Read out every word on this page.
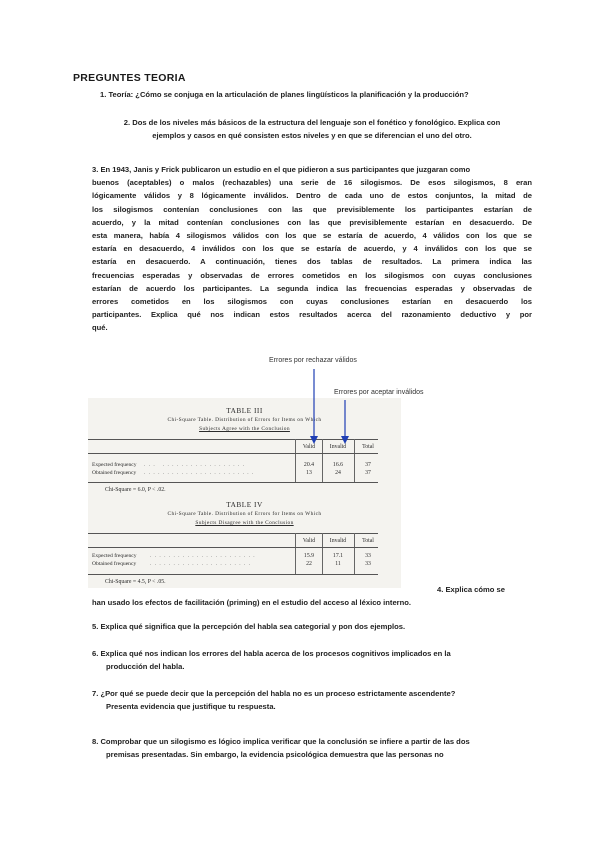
PREGUNTES TEORIA
1. Teoría: ¿Cómo se conjuga en la articulación de planes lingüísticos la planificación y la producción?
2. Dos de los niveles más básicos de la estructura del lenguaje son el fonético y fonológico. Explica con
ejemplos y casos en qué consisten estos niveles y en que se diferencian el uno del otro.
3. En 1943, Janis y Frick publicaron un estudio en el que pidieron a sus participantes que juzgaran como
buenos (aceptables) o malos (rechazables) una serie de 16 silogismos. De esos silogismos, 8 eran
lógicamente válidos y 8 lógicamente inválidos. Dentro de cada uno de estos conjuntos, la mitad de
los silogismos contenían conclusiones con las que previsiblemente los participantes estarían de
acuerdo, y la mitad contenían conclusiones con las que previsiblemente estarían en desacuerdo. De
esta manera, había 4 silogismos válidos con los que se estaría de acuerdo, 4 válidos con los que se
estaría en desacuerdo, 4 inválidos con los que se estaría de acuerdo, y 4 inválidos con los que se
estaría en desacuerdo. A continuación, tienes dos tablas de resultados. La primera indica las
frecuencias esperadas y observadas de errores cometidos en los silogismos con cuyas conclusiones
estarían de acuerdo los participantes. La segunda indica las frecuencias esperadas y observadas de
errores cometidos en los silogismos con cuyas conclusiones estarían en desacuerdo los
participantes. Explica qué nos indican estos resultados acerca del razonamiento deductivo y por
qué.
Errores por rechazar válidos
Errores por aceptar inválidos
TABLE III
Chi-Square Table. Distribution of Errors for Items on Which
Subjects Agree with the Conclusion
Valid	Invalid	Total
Expected frequency . . .   . . . . . . . . . . . . . . . . . .	20.4	16.6	37
Obtained frequency . . . . . . . . . . . . . . . . . . . . . . . .	13	24	37
Chi-Square = 6.0, P < .02.
TABLE IV
Chi-Square Table. Distribution of Errors for Items on Which
Subjects Disagree with the Conclusion
Valid	Invalid	Total
Expected frequency . . . . . . . . . . . . . . . . . . . . . . .	15.9	17.1	33
Obtained frequency	. . . . . . . . . . . . . . . . . . . . . .	22	11	33
Chi-Square = 4.5, P < .05.
4. Explica cómo se
han usado los efectos de facilitación (priming) en el estudio del acceso al léxico interno.
5. Explica qué significa que la percepción del habla sea categorial y pon dos ejemplos.
6. Explica qué nos indican los errores del habla acerca de los procesos cognitivos implicados en la
producción del habla.
7. ¿Por qué se puede decir que la percepción del habla no es un proceso estrictamente ascendente?
Presenta evidencia que justifique tu respuesta.
8. Comprobar que un silogismo es lógico implica verificar que la conclusión se infiere a partir de las dos
premisas presentadas. Sin embargo, la evidencia psicológica demuestra que las personas no
